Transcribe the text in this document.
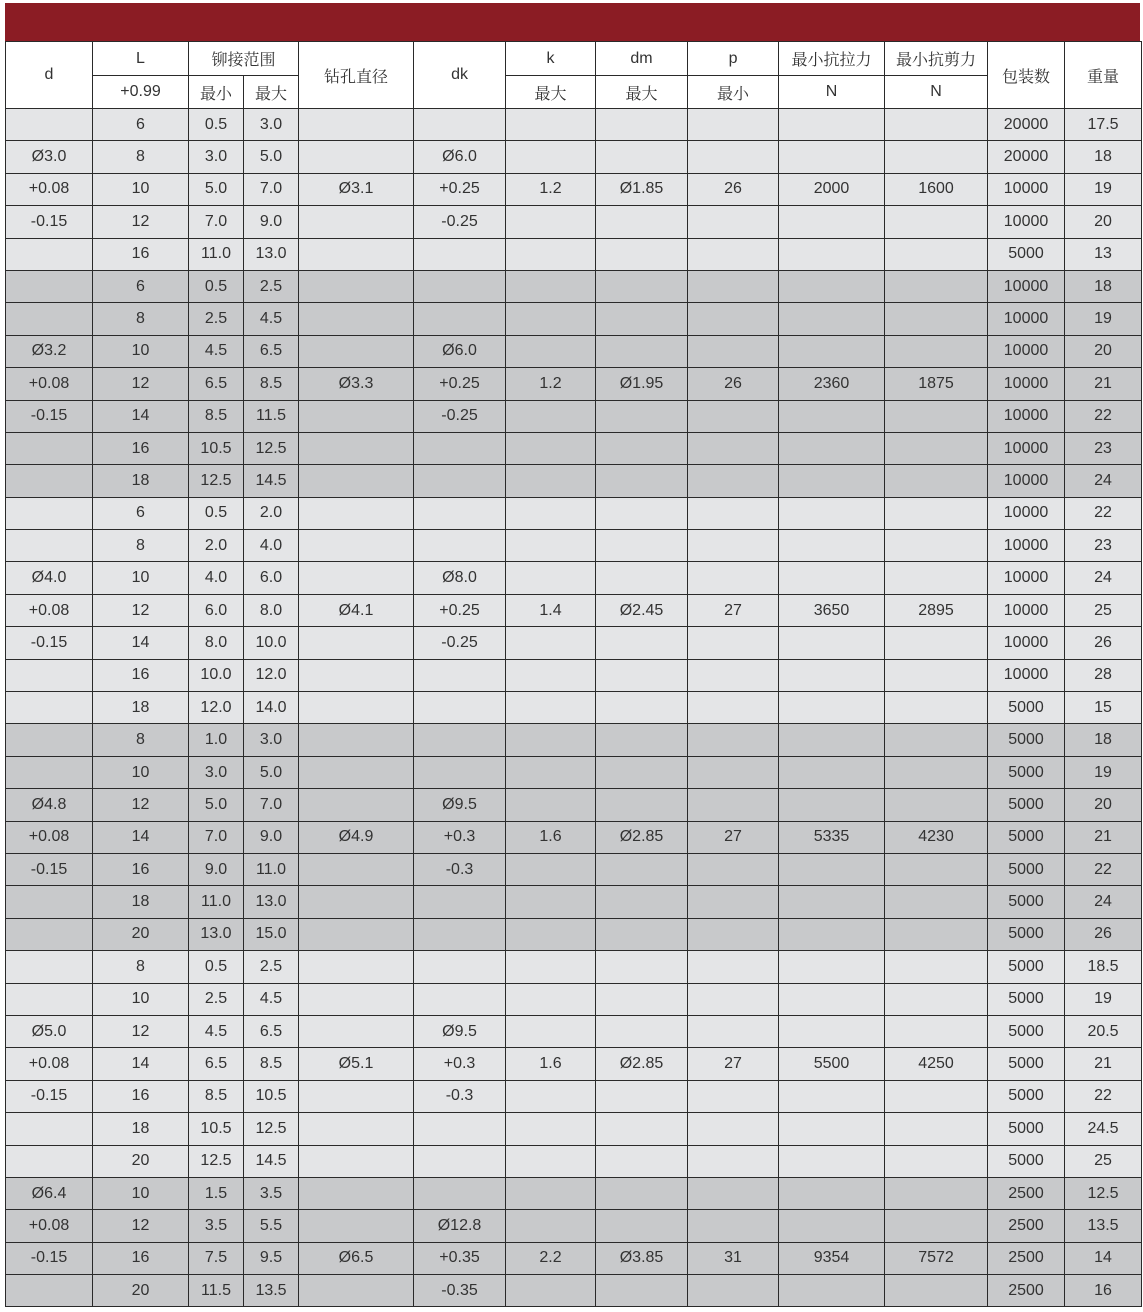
d	L	铆接范围		钻孔直径	dk	k	dm	p	最小抗拉力	最小抗剪力	包装数	重量
	+0.99	最小	最大			最大	最大	最小	N	N		
	6	0.5	3.0								20000	17.5
Ø3.0	8	3.0	5.0		Ø6.0						20000	18
+0.08	10	5.0	7.0	Ø3.1	+0.25	1.2	Ø1.85	26	2000	1600	10000	19
-0.15	12	7.0	9.0		-0.25						10000	20
	16	11.0	13.0								5000	13
	6	0.5	2.5								10000	18
	8	2.5	4.5								10000	19
Ø3.2	10	4.5	6.5		Ø6.0						10000	20
+0.08	12	6.5	8.5	Ø3.3	+0.25	1.2	Ø1.95	26	2360	1875	10000	21
-0.15	14	8.5	11.5		-0.25						10000	22
	16	10.5	12.5								10000	23
	18	12.5	14.5								10000	24
	6	0.5	2.0								10000	22
	8	2.0	4.0								10000	23
Ø4.0	10	4.0	6.0		Ø8.0						10000	24
+0.08	12	6.0	8.0	Ø4.1	+0.25	1.4	Ø2.45	27	3650	2895	10000	25
-0.15	14	8.0	10.0		-0.25						10000	26
	16	10.0	12.0								10000	28
	18	12.0	14.0								5000	15
	8	1.0	3.0								5000	18
	10	3.0	5.0								5000	19
Ø4.8	12	5.0	7.0		Ø9.5						5000	20
+0.08	14	7.0	9.0	Ø4.9	+0.3	1.6	Ø2.85	27	5335	4230	5000	21
-0.15	16	9.0	11.0		-0.3						5000	22
	18	11.0	13.0								5000	24
	20	13.0	15.0								5000	26
	8	0.5	2.5								5000	18.5
	10	2.5	4.5								5000	19
Ø5.0	12	4.5	6.5		Ø9.5						5000	20.5
+0.08	14	6.5	8.5	Ø5.1	+0.3	1.6	Ø2.85	27	5500	4250	5000	21
-0.15	16	8.5	10.5		-0.3						5000	22
	18	10.5	12.5								5000	24.5
	20	12.5	14.5								5000	25
Ø6.4	10	1.5	3.5								2500	12.5
+0.08	12	3.5	5.5		Ø12.8						2500	13.5
-0.15	16	7.5	9.5	Ø6.5	+0.35	2.2	Ø3.85	31	9354	7572	2500	14
	20	11.5	13.5		-0.35						2500	16
